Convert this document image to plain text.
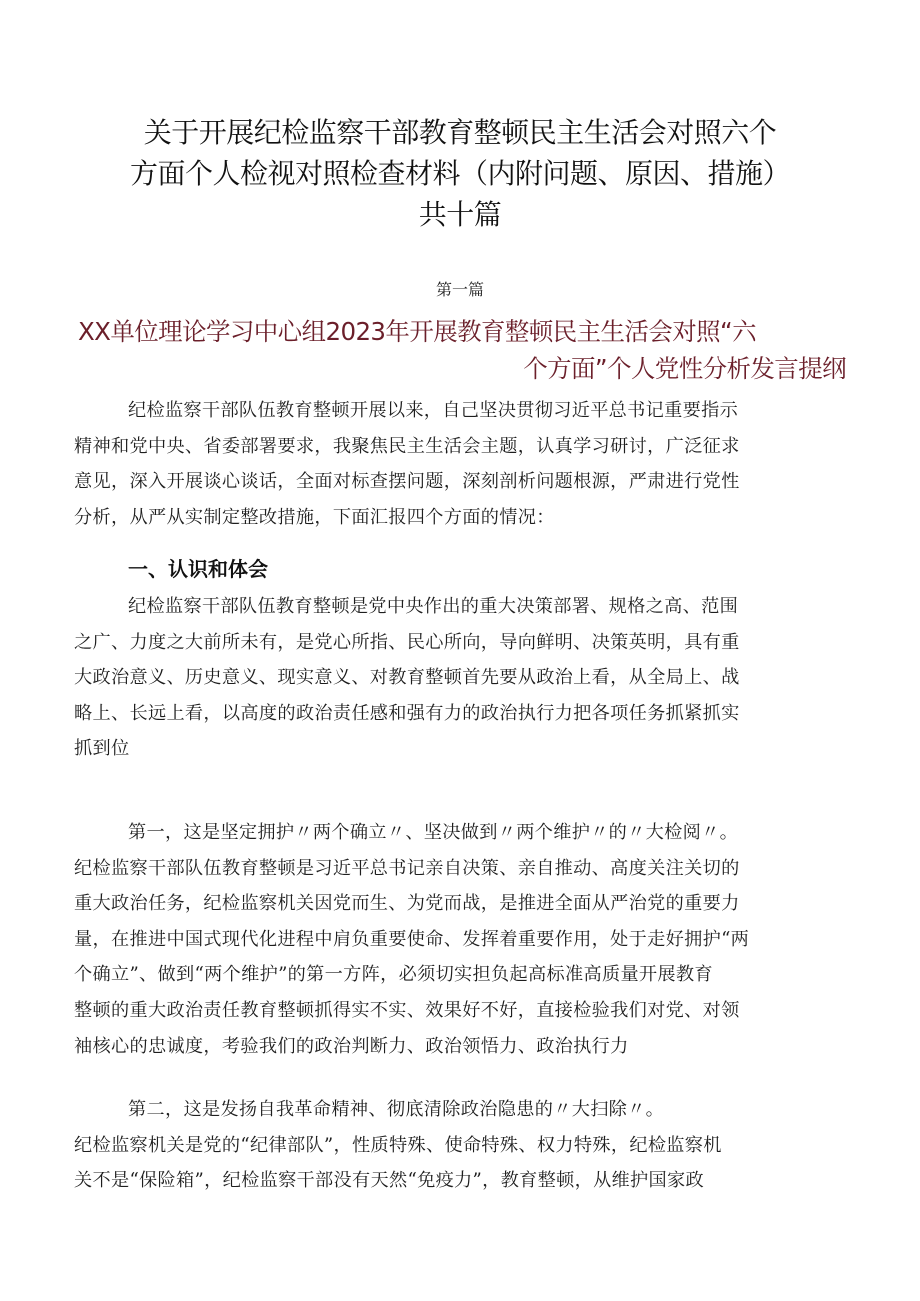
关于开展纪检监察干部教育整顿民主生活会对照六个
方面个人检视对照检查材料（内附问题、原因、措施）
共十篇
第一篇
XX单位理论学习中心组2023年开展教育整顿民主生活会对照“六
个方面”个人党性分析发言提纲
纪检监察干部队伍教育整顿开展以来，自己坚决贯彻习近平总书记重要指示
精神和党中央、省委部署要求，我聚焦民主生活会主题，认真学习研讨，广泛征求
意见，深入开展谈心谈话，全面对标查摆问题，深刻剖析问题根源，严肃进行党性
分析，从严从实制定整改措施，下面汇报四个方面的情况：
一、认识和体会
纪检监察干部队伍教育整顿是党中央作出的重大决策部署、规格之高、范围
之广、力度之大前所未有，是党心所指、民心所向，导向鲜明、决策英明，具有重
大政治意义、历史意义、现实意义、对教育整顿首先要从政治上看，从全局上、战
略上、长远上看，以高度的政治责任感和强有力的政治执行力把各项任务抓紧抓实
抓到位
第一，这是坚定拥护〃两个确立〃、坚决做到〃两个维护〃的〃大检阅〃。
纪检监察干部队伍教育整顿是习近平总书记亲自决策、亲自推动、高度关注关切的
重大政治任务，纪检监察机关因党而生、为党而战，是推进全面从严治党的重要力
量，在推进中国式现代化进程中肩负重要使命、发挥着重要作用，处于走好拥护“两
个确立”、做到“两个维护”的第一方阵，必须切实担负起高标准高质量开展教育
整顿的重大政治责任教育整顿抓得实不实、效果好不好，直接检验我们对党、对领
袖核心的忠诚度，考验我们的政治判断力、政治领悟力、政治执行力
第二，这是发扬自我革命精神、彻底清除政治隐患的〃大扫除〃。
纪检监察机关是党的“纪律部队”，性质特殊、使命特殊、权力特殊，纪检监察机
关不是“保险箱”，纪检监察干部没有天然“免疫力”，教育整顿，从维护国家政
